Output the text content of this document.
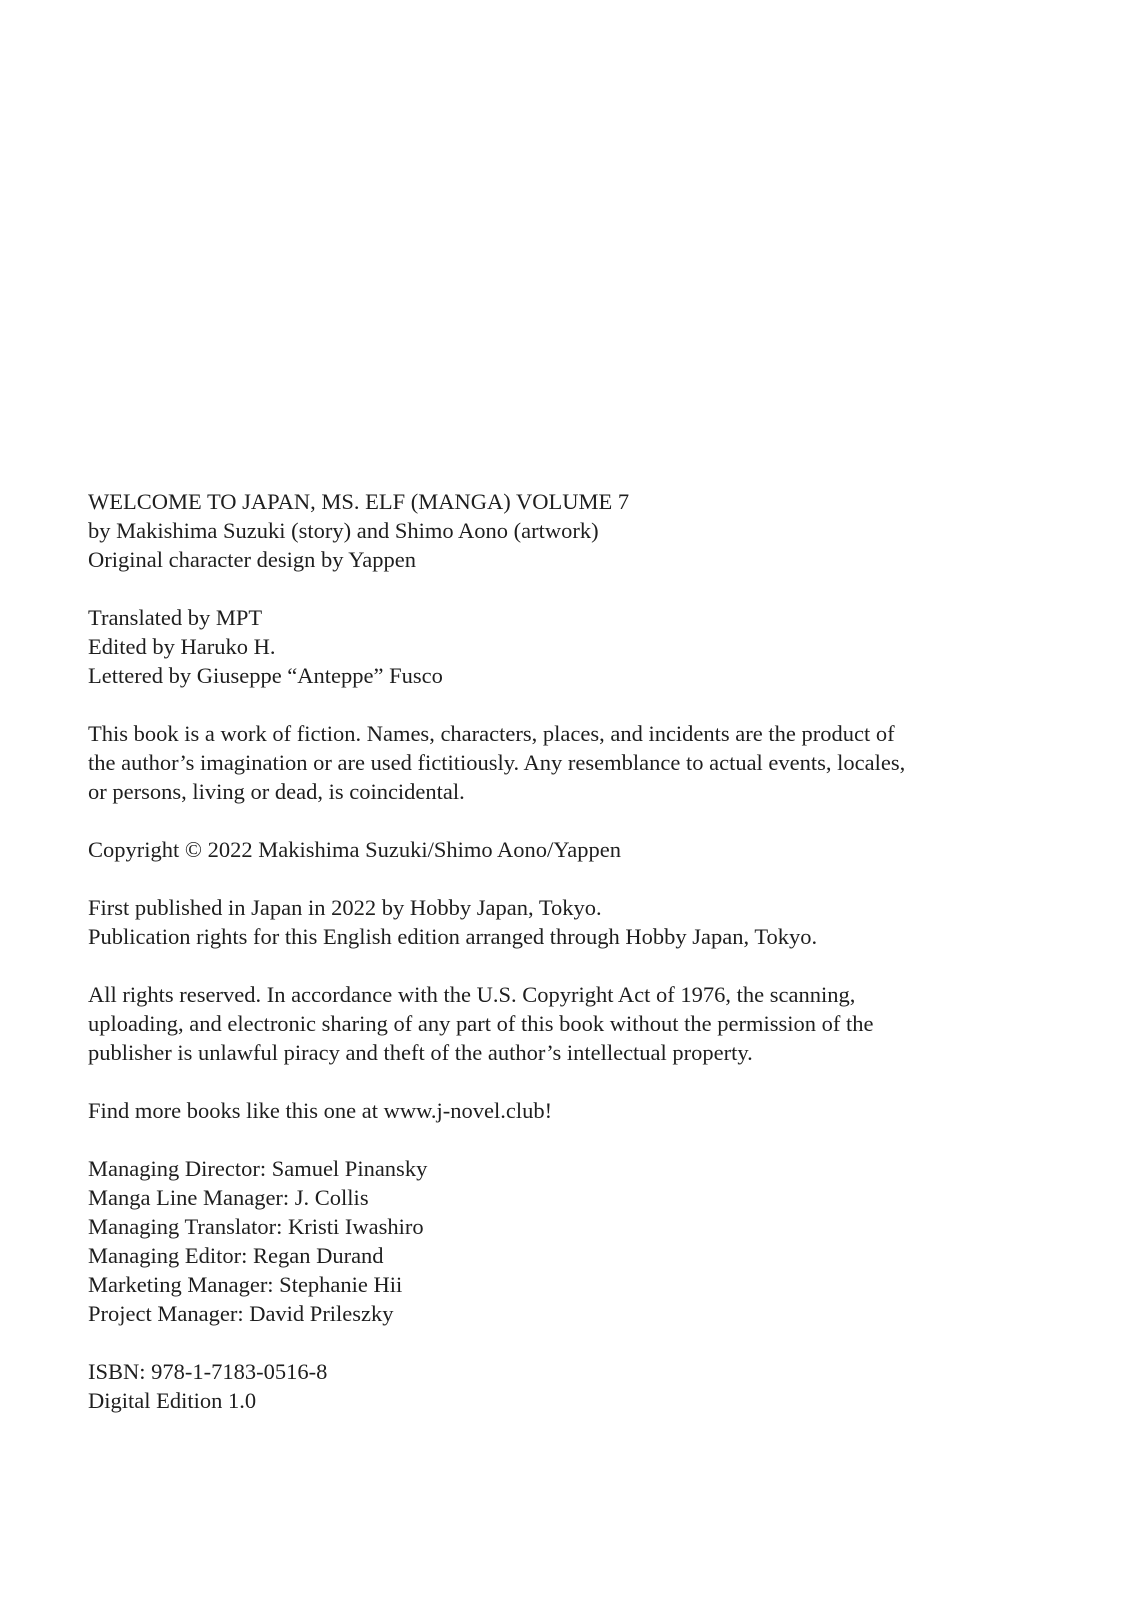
WELCOME TO JAPAN, MS. ELF (MANGA) VOLUME 7
by Makishima Suzuki (story) and Shimo Aono (artwork)
Original character design by Yappen
Translated by MPT
Edited by Haruko H.
Lettered by Giuseppe “Anteppe” Fusco
This book is a work of fiction. Names, characters, places, and incidents are the product of
the author’s imagination or are used fictitiously. Any resemblance to actual events, locales,
or persons, living or dead, is coincidental.
Copyright © 2022 Makishima Suzuki/Shimo Aono/Yappen
First published in Japan in 2022 by Hobby Japan, Tokyo.
Publication rights for this English edition arranged through Hobby Japan, Tokyo.
All rights reserved. In accordance with the U.S. Copyright Act of 1976, the scanning,
uploading, and electronic sharing of any part of this book without the permission of the
publisher is unlawful piracy and theft of the author’s intellectual property.
Find more books like this one at www.j-novel.club!
Managing Director: Samuel Pinansky
Manga Line Manager: J. Collis
Managing Translator: Kristi Iwashiro
Managing Editor: Regan Durand
Marketing Manager: Stephanie Hii
Project Manager: David Prileszky
ISBN: 978-1-7183-0516-8
Digital Edition 1.0
